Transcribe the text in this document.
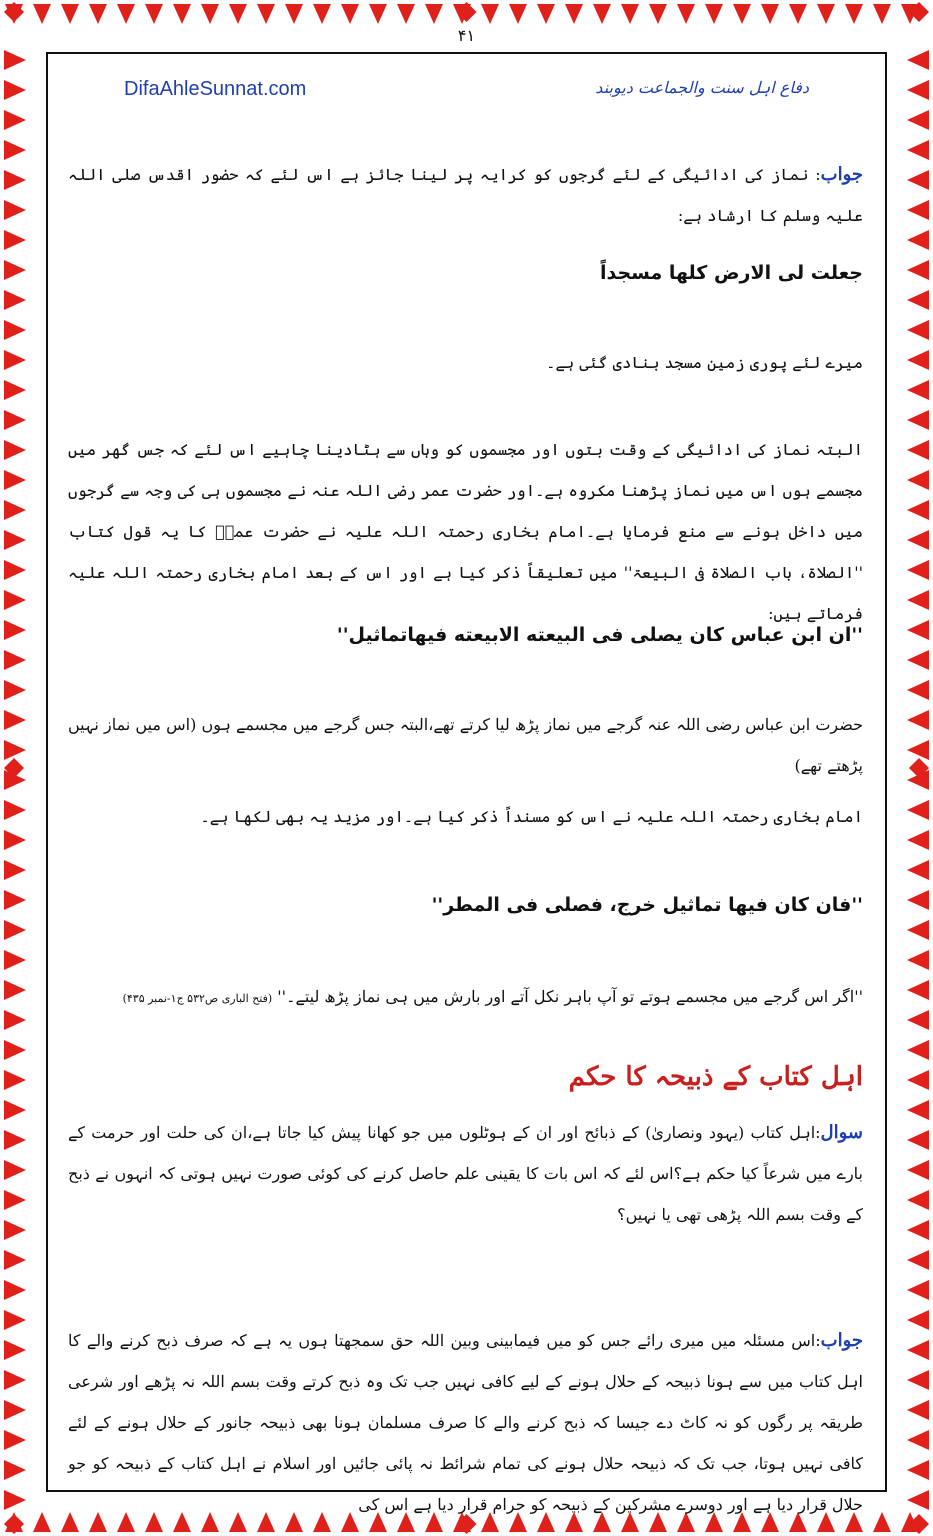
۴۱

DifaAhleSunnat.com	دفاع اہل سنت والجماعت دیوبند

جواب: نماز کی ادائیگی کے لئے گرجوں کو کرایہ پر لینا جائز ہے اس لئے کہ حضور اقدس صلی اللہ علیہ وسلم کا ارشاد ہے:

جعلت لی الارض کلھا مسجداً

میرے لئے پوری زمین مسجد بنادی گئی ہے۔

البتہ نماز کی ادائیگی کے وقت بتوں اور مجسموں کو وہاں سے ہٹادینا چاہیے اس لئے کہ جس گھر میں مجسمے ہوں اس میں نماز پڑھنا مکروہ ہے۔اور حضرت عمر رضی اللہ عنہ نے مجسموں ہی کی وجہ سے گرجوں میں داخل ہونے سے منع فرمایا ہے۔امام بخاری رحمتہ اللہ علیہ نے حضرت عمرؓ کا یہ قول کتاب ''الصلاۃ، باب الصلاۃ فی البیعۃ'' میں تعلیقاً ذکر کیا ہے اور اس کے بعد امام بخاری رحمتہ اللہ علیہ فرماتے ہیں:

''ان ابن عباس کان یصلی فی البیعته الابیعته فیھاتماثیل''

حضرت ابن عباس رضی اللہ عنہ گرجے میں نماز پڑھ لیا کرتے تھے،البتہ جس گرجے میں مجسمے ہوں (اس میں نماز نہیں پڑھتے تھے)

امام بخاری رحمتہ اللہ علیہ نے اس کو مسنداً ذکر کیا ہے۔اور مزید یہ بھی لکھا ہے۔

''فان کان فیھا تماثیل خرج، فصلی فی المطر''

''اگر اس گرجے میں مجسمے ہوتے تو آپ باہر نکل آتے اور بارش میں ہی نماز پڑھ لیتے۔'' (فتح الباری ص۵۳۲ ج۱-نمبر ۴۳۵)

اہل کتاب کے ذبیحہ کا حکم

سوال:اہل کتاب (یہود ونصاریٰ) کے ذبائح اور ان کے ہوٹلوں میں جو کھانا پیش کیا جاتا ہے،ان کی حلت اور حرمت کے بارے میں شرعاً کیا حکم ہے؟اس لئے کہ اس بات کا یقینی علم حاصل کرنے کی کوئی صورت نہیں ہوتی کہ انہوں نے ذبح کے وقت بسم اللہ پڑھی تھی یا نہیں؟

جواب:اس مسئلہ میں میری رائے جس کو میں فیمابینی وبین اللہ حق سمجھتا ہوں یہ ہے کہ صرف ذبح کرنے والے کا اہل کتاب میں سے ہونا ذبیحہ کے حلال ہونے کے لیے کافی نہیں جب تک وہ ذبح کرتے وقت بسم اللہ نہ پڑھے اور شرعی طریقہ پر رگوں کو نہ کاٹ دے جیسا کہ ذبح کرنے والے کا صرف مسلمان ہونا بھی ذبیحہ جانور کے حلال ہونے کے لئے کافی نہیں ہوتا، جب تک کہ ذبیحہ حلال ہونے کی تمام شرائط نہ پائی جائیں اور اسلام نے اہل کتاب کے ذبیحہ کو جو حلال قرار دیا ہے اور دوسرے مشرکین کے ذبیحہ کو حرام قرار دیا ہے اس کی
